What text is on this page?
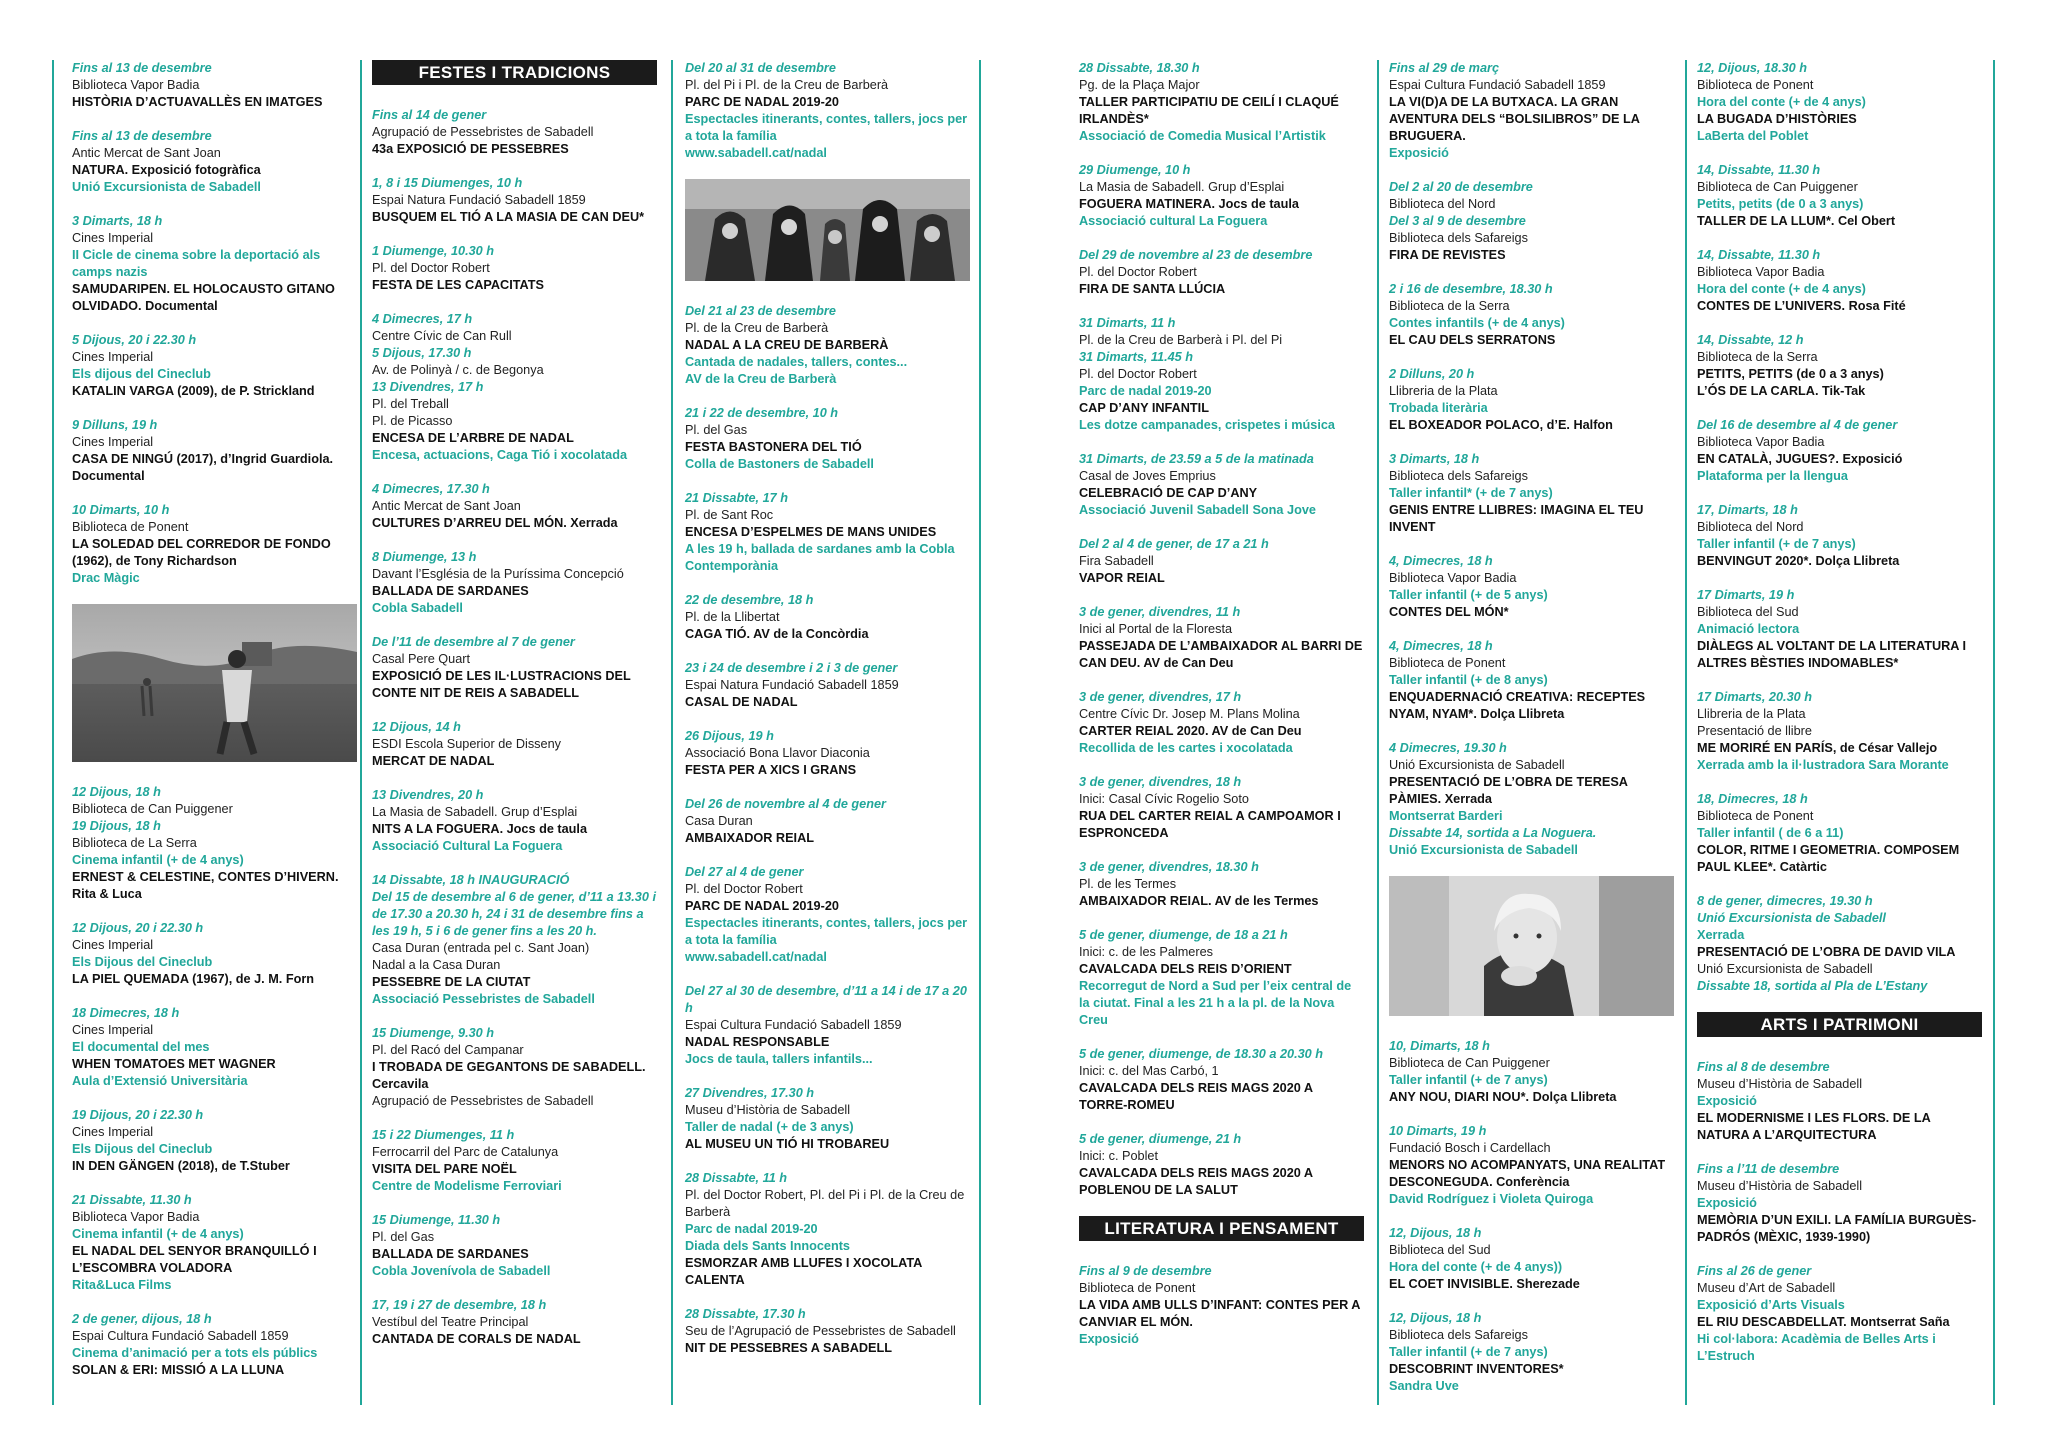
Fins al 13 de desembre
Biblioteca Vapor Badia
HISTÒRIA D’ACTUAVALLÈS EN IMATGES
Fins al 13 de desembre
Antic Mercat de Sant Joan
NATURA. Exposició fotogràfica
Unió Excursionista de Sabadell
3 Dimarts, 18 h
Cines Imperial
II Cicle de cinema sobre la deportació als camps nazis
SAMUDARIPEN. EL HOLOCAUSTO GITANO OLVIDADO. Documental
5 Dijous, 20 i 22.30 h
Cines Imperial
Els dijous del Cineclub
KATALIN VARGA (2009), de P. Strickland
9 Dilluns, 19 h
Cines Imperial
CASA DE NINGÚ (2017), d’Ingrid Guardiola. Documental
10 Dimarts, 10 h
Biblioteca de Ponent
LA SOLEDAD DEL CORREDOR DE FONDO (1962), de Tony Richardson
Drac Màgic
12 Dijous, 18 h
Biblioteca de Can Puiggener
19 Dijous, 18 h
Biblioteca de La Serra
Cinema infantil (+ de 4 anys)
ERNEST & CELESTINE, CONTES D’HIVERN. Rita & Luca
12 Dijous, 20 i 22.30 h
Cines Imperial
Els Dijous del Cineclub
LA PIEL QUEMADA (1967), de J. M. Forn
18 Dimecres, 18 h
Cines Imperial
El documental del mes
WHEN TOMATOES MET WAGNER
Aula d’Extensió Universitària
19 Dijous, 20 i 22.30 h
Cines Imperial
Els Dijous del Cineclub
IN DEN GÄNGEN (2018), de T.Stuber
21 Dissabte, 11.30 h
Biblioteca Vapor Badia
Cinema infantil (+ de 4 anys)
EL NADAL DEL SENYOR BRANQUILLÓ I L’ESCOMBRA VOLADORA
Rita&Luca Films
2 de gener, dijous, 18 h
Espai Cultura Fundació Sabadell 1859
Cinema d’animació per a tots els públics
SOLAN & ERI: MISSIÓ A LA LLUNA
FESTES I TRADICIONS
Fins al 14 de gener
Agrupació de Pessebristes de Sabadell
43a EXPOSICIÓ DE PESSEBRES
1, 8 i 15 Diumenges, 10 h
Espai Natura Fundació Sabadell 1859
BUSQUEM EL TIÓ A LA MASIA DE CAN DEU*
1 Diumenge, 10.30 h
Pl. del Doctor Robert
FESTA DE LES CAPACITATS
4 Dimecres, 17 h
Centre Cívic de Can Rull
5 Dijous, 17.30 h
Av. de Polinyà / c. de Begonya
13 Divendres, 17 h
Pl. del Treball
Pl. de Picasso
ENCESA DE L’ARBRE DE NADAL
Encesa, actuacions, Caga Tió i xocolatada
4 Dimecres, 17.30 h
Antic Mercat de Sant Joan
CULTURES D’ARREU DEL MÓN. Xerrada
8 Diumenge, 13 h
Davant l’Església de la Puríssima Concepció
BALLADA DE SARDANES
Cobla Sabadell
De l’11 de desembre al 7 de gener
Casal Pere Quart
EXPOSICIÓ DE LES IL·LUSTRACIONS DEL CONTE NIT DE REIS A SABADELL
12 Dijous, 14 h
ESDI Escola Superior de Disseny
MERCAT DE NADAL
13 Divendres, 20 h
La Masia de Sabadell. Grup d’Esplai
NITS A LA FOGUERA. Jocs de taula
Associació Cultural La Foguera
14 Dissabte, 18 h INAUGURACIÓ
Del 15 de desembre al 6 de gener, d’11 a 13.30 i de 17.30 a 20.30 h, 24 i 31 de desembre fins a les 19 h, 5 i 6 de gener fins a les 20 h.
Casa Duran (entrada pel c. Sant Joan)
Nadal a la Casa Duran
PESSEBRE DE LA CIUTAT
Associació Pessebristes de Sabadell
15 Diumenge, 9.30 h
Pl. del Racó del Campanar
I TROBADA DE GEGANTONS DE SABADELL. Cercavila
Agrupació de Pessebristes de Sabadell
15 i 22 Diumenges, 11 h
Ferrocarril del Parc de Catalunya
VISITA DEL PARE NOËL
Centre de Modelisme Ferroviari
15 Diumenge, 11.30 h
Pl. del Gas
BALLADA DE SARDANES
Cobla Jovenívola de Sabadell
17, 19 i 27 de desembre, 18 h
Vestíbul del Teatre Principal
CANTADA DE CORALS DE NADAL
Del 20 al 31 de desembre
Pl. del Pi i Pl. de la Creu de Barberà
PARC DE NADAL 2019-20
Espectacles itinerants, contes, tallers, jocs per a tota la família
www.sabadell.cat/nadal
Del 21 al 23 de desembre
Pl. de la Creu de Barberà
NADAL A LA CREU DE BARBERÀ
Cantada de nadales, tallers, contes...
AV de la Creu de Barberà
21 i 22 de desembre, 10 h
Pl. del Gas
FESTA BASTONERA DEL TIÓ
Colla de Bastoners de Sabadell
21 Dissabte, 17 h
Pl. de Sant Roc
ENCESA D’ESPELMES DE MANS UNIDES
A les 19 h, ballada de sardanes amb la Cobla Contemporània
22 de desembre, 18 h
Pl. de la Llibertat
CAGA TIÓ. AV de la Concòrdia
23 i 24 de desembre i 2 i 3 de gener
Espai Natura Fundació Sabadell 1859
CASAL DE NADAL
26 Dijous, 19 h
Associació Bona Llavor Diaconia
FESTA PER A XICS I GRANS
Del 26 de novembre al 4 de gener
Casa Duran
AMBAIXADOR REIAL
Del 27 al 4 de gener
Pl. del Doctor Robert
PARC DE NADAL 2019-20
Espectacles itinerants, contes, tallers, jocs per a tota la família
www.sabadell.cat/nadal
Del 27 al 30 de desembre, d’11 a 14 i de 17 a 20 h
Espai Cultura Fundació Sabadell 1859
NADAL RESPONSABLE
Jocs de taula, tallers infantils...
27 Divendres, 17.30 h
Museu d’Història de Sabadell
Taller de nadal (+ de 3 anys)
AL MUSEU UN TIÓ HI TROBAREU
28 Dissabte, 11 h
Pl. del Doctor Robert, Pl. del Pi i Pl. de la Creu de Barberà
Parc de nadal 2019-20
Diada dels Sants Innocents
ESMORZAR AMB LLUFES I XOCOLATA CALENTA
28 Dissabte, 17.30 h
Seu de l’Agrupació de Pessebristes de Sabadell
NIT DE PESSEBRES A SABADELL
28 Dissabte, 18.30 h
Pg. de la Plaça Major
TALLER PARTICIPATIU DE CEILÍ I CLAQUÉ IRLANDÈS*
Associació de Comedia Musical l’Artistik
29 Diumenge, 10 h
La Masia de Sabadell. Grup d’Esplai
FOGUERA MATINERA. Jocs de taula
Associació cultural La Foguera
Del 29 de novembre al 23 de desembre
Pl. del Doctor Robert
FIRA DE SANTA LLÚCIA
31 Dimarts, 11 h
Pl. de la Creu de Barberà i Pl. del Pi
31 Dimarts, 11.45 h
Pl. del Doctor Robert
Parc de nadal 2019-20
CAP D’ANY INFANTIL
Les dotze campanades, crispetes i música
31 Dimarts, de 23.59 a 5 de la matinada
Casal de Joves Emprius
CELEBRACIÓ DE CAP D’ANY
Associació Juvenil Sabadell Sona Jove
Del 2 al 4 de gener, de 17 a 21 h
Fira Sabadell
VAPOR REIAL
3 de gener, divendres, 11 h
Inici al Portal de la Floresta
PASSEJADA DE L’AMBAIXADOR AL BARRI DE CAN DEU. AV de Can Deu
3 de gener, divendres, 17 h
Centre Cívic Dr. Josep M. Plans Molina
CARTER REIAL 2020. AV de Can Deu
Recollida de les cartes i xocolatada
3 de gener, divendres, 18 h
Inici: Casal Cívic Rogelio Soto
RUA DEL CARTER REIAL A CAMPOAMOR I ESPRONCEDA
3 de gener, divendres, 18.30 h
Pl. de les Termes
AMBAIXADOR REIAL. AV de les Termes
5 de gener, diumenge, de 18 a 21 h
Inici: c. de les Palmeres
CAVALCADA DELS REIS D’ORIENT
Recorregut de Nord a Sud per l’eix central de la ciutat. Final a les 21 h a la pl. de la Nova Creu
5 de gener, diumenge, de 18.30 a 20.30 h
Inici: c. del Mas Carbó, 1
CAVALCADA DELS REIS MAGS 2020 A TORRE-ROMEU
5 de gener, diumenge, 21 h
Inici: c. Poblet
CAVALCADA DELS REIS MAGS 2020 A POBLENOU DE LA SALUT
LITERATURA I PENSAMENT
Fins al 9 de desembre
Biblioteca de Ponent
LA VIDA AMB ULLS D’INFANT: CONTES PER A CANVIAR EL MÓN.
Exposició
Fins al 29 de març
Espai Cultura Fundació Sabadell 1859
LA VI(D)A DE LA BUTXACA. LA GRAN AVENTURA DELS “BOLSILIBROS” DE LA BRUGUERA.
Exposició
Del 2 al 20 de desembre
Biblioteca del Nord
Del 3 al 9 de desembre
Biblioteca dels Safareigs
FIRA DE REVISTES
2 i 16 de desembre, 18.30 h
Biblioteca de la Serra
Contes infantils (+ de 4 anys)
EL CAU DELS SERRATONS
2 Dilluns, 20 h
Llibreria de la Plata
Trobada literària
EL BOXEADOR POLACO, d’E. Halfon
3 Dimarts, 18 h
Biblioteca dels Safareigs
Taller infantil* (+ de 7 anys)
GENIS ENTRE LLIBRES: IMAGINA EL TEU INVENT
4, Dimecres, 18 h
Biblioteca Vapor Badia
Taller infantil (+ de 5 anys)
CONTES DEL MÓN*
4, Dimecres, 18 h
Biblioteca de Ponent
Taller infantil (+ de 8 anys)
ENQUADERNACIÓ CREATIVA: RECEPTES NYAM, NYAM*. Dolça Llibreta
4 Dimecres, 19.30 h
Unió Excursionista de Sabadell
PRESENTACIÓ DE L’OBRA DE TERESA PÀMIES. Xerrada
Montserrat Barderi
Dissabte 14, sortida a La Noguera.
Unió Excursionista de Sabadell
10, Dimarts, 18 h
Biblioteca de Can Puiggener
Taller infantil (+ de 7 anys)
ANY NOU, DIARI NOU*. Dolça Llibreta
10 Dimarts, 19 h
Fundació Bosch i Cardellach
MENORS NO ACOMPANYATS, UNA REALITAT DESCONEGUDA. Conferència
David Rodríguez i Violeta Quiroga
12, Dijous, 18 h
Biblioteca del Sud
Hora del conte (+ de 4 anys))
EL COET INVISIBLE. Sherezade
12, Dijous, 18 h
Biblioteca dels Safareigs
Taller infantil (+ de 7 anys)
DESCOBRINT INVENTORES*
Sandra Uve
12, Dijous, 18.30 h
Biblioteca de Ponent
Hora del conte (+ de 4 anys)
LA BUGADA D’HISTÒRIES
LaBerta del Poblet
14, Dissabte, 11.30 h
Biblioteca de Can Puiggener
Petits, petits (de 0 a 3 anys)
TALLER DE LA LLUM*. Cel Obert
14, Dissabte, 11.30 h
Biblioteca Vapor Badia
Hora del conte (+ de 4 anys)
CONTES DE L’UNIVERS. Rosa Fité
14, Dissabte, 12 h
Biblioteca de la Serra
PETITS, PETITS (de 0 a 3 anys)
L’ÓS DE LA CARLA. Tik-Tak
Del 16 de desembre al 4 de gener
Biblioteca Vapor Badia
EN CATALÀ, JUGUES?. Exposició
Plataforma per la llengua
17, Dimarts, 18 h
Biblioteca del Nord
Taller infantil (+ de 7 anys)
BENVINGUT 2020*. Dolça Llibreta
17 Dimarts, 19 h
Biblioteca del Sud
Animació lectora
DIÀLEGS AL VOLTANT DE LA LITERATURA I ALTRES BÈSTIES INDOMABLES*
17 Dimarts, 20.30 h
Llibreria de la Plata
Presentació de llibre
ME MORIRÉ EN PARÍS, de César Vallejo
Xerrada amb la il·lustradora Sara Morante
18, Dimecres, 18 h
Biblioteca de Ponent
Taller infantil ( de 6 a 11)
COLOR, RITME I GEOMETRIA. COMPOSEM PAUL KLEE*. Catàrtic
8 de gener, dimecres, 19.30 h
Unió Excursionista de Sabadell
Xerrada
PRESENTACIÓ DE L’OBRA DE DAVID VILA
Unió Excursionista de Sabadell
Dissabte 18, sortida al Pla de L’Estany
ARTS I PATRIMONI
Fins al 8 de desembre
Museu d’Història de Sabadell
Exposició
EL MODERNISME I LES FLORS. DE LA NATURA A L’ARQUITECTURA
Fins a l’11 de desembre
Museu d’Història de Sabadell
Exposició
MEMÒRIA D’UN EXILI. LA FAMÍLIA BURGUÈS-PADRÓS (MÈXIC, 1939-1990)
Fins al 26 de gener
Museu d’Art de Sabadell
Exposició d’Arts Visuals
EL RIU DESCABDELLAT. Montserrat Saña
Hi col·labora: Acadèmia de Belles Arts i L’Estruch
